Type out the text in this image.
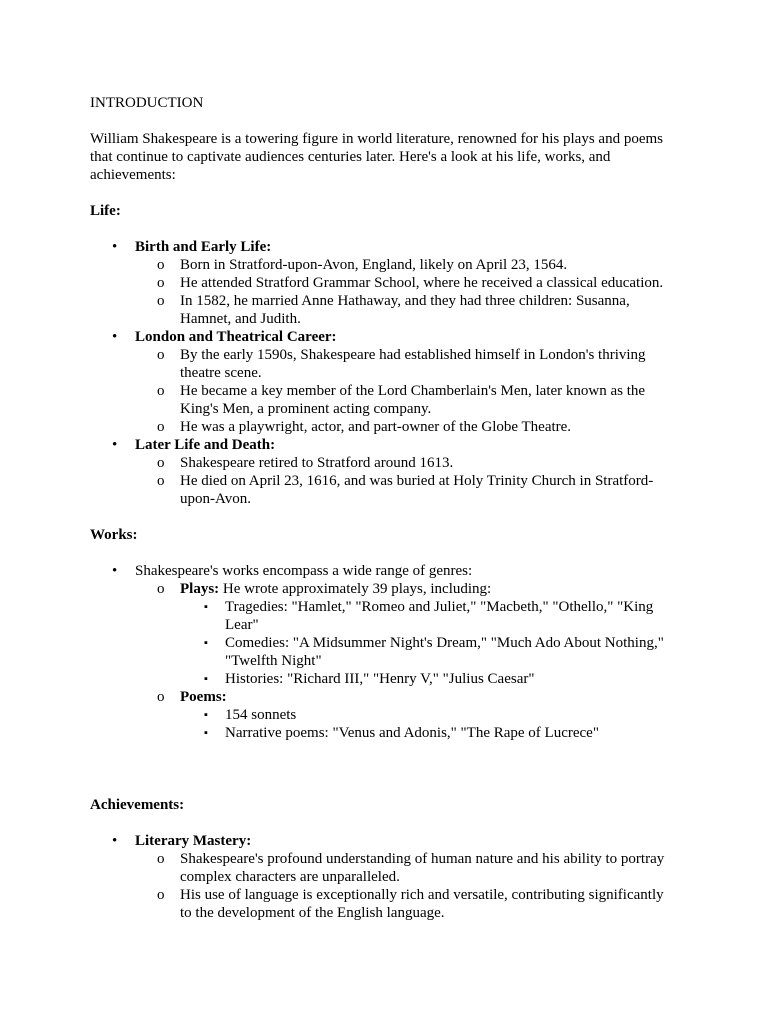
INTRODUCTION

William Shakespeare is a towering figure in world literature, renowned for his plays and poems that continue to captivate audiences centuries later. Here's a look at his life, works, and achievements:

Life:

• Birth and Early Life:
o Born in Stratford-upon-Avon, England, likely on April 23, 1564.
o He attended Stratford Grammar School, where he received a classical education.
o In 1582, he married Anne Hathaway, and they had three children: Susanna, Hamnet, and Judith.
• London and Theatrical Career:
o By the early 1590s, Shakespeare had established himself in London's thriving theatre scene.
o He became a key member of the Lord Chamberlain's Men, later known as the King's Men, a prominent acting company.
o He was a playwright, actor, and part-owner of the Globe Theatre.
• Later Life and Death:
o Shakespeare retired to Stratford around 1613.
o He died on April 23, 1616, and was buried at Holy Trinity Church in Stratford-upon-Avon.

Works:

• Shakespeare's works encompass a wide range of genres:
o Plays: He wrote approximately 39 plays, including:
▪ Tragedies: "Hamlet," "Romeo and Juliet," "Macbeth," "Othello," "King Lear"
▪ Comedies: "A Midsummer Night's Dream," "Much Ado About Nothing," "Twelfth Night"
▪ Histories: "Richard III," "Henry V," "Julius Caesar"
o Poems:
▪ 154 sonnets
▪ Narrative poems: "Venus and Adonis," "The Rape of Lucrece"

Achievements:

• Literary Mastery:
o Shakespeare's profound understanding of human nature and his ability to portray complex characters are unparalleled.
o His use of language is exceptionally rich and versatile, contributing significantly to the development of the English language.
